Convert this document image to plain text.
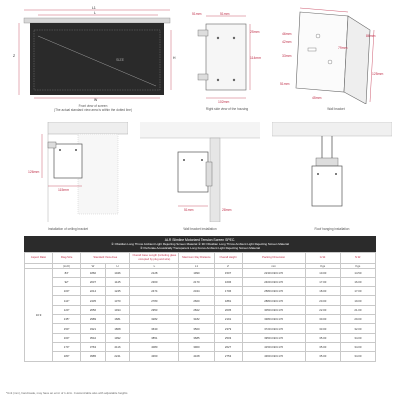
L1
L
Z	H
W
SIZE
Front view of screen
(The actual standard view area is within the dotted line)
51mm	51mm
25mm
114mm
102mm
Right side view of the housing
86mm
46mm
42mm
33mm
79mm
125mm
51mm
45mm
Wall bracket
126mm
115mm
Installation of ceiling bracket
51mm	28mm
Wall bracket installation	Roof hanging installation
ALR Slimline Motorized Tension Screen SPEC.
① Obsidian Long Throw Ambient Light Rejecting Screen Material ② 3D Obsidian Long Throw Ambient Light Rejecting Screen Material
③ Perforate Acoustically Transparent Long Focus Ambient Light Rejecting Screen Material
Aspect Ratio	Diag.Size	Standard View Area		Overall Case Length (including glass occupied by plug and wire)	Maximum Ray Distance	Overall Height	Packing Dimension	G.W.	N.W.
	(inch)	W	H	L	L1	Z	mm	Kgs	Kgs
16:9	84"	1860	1046	2128	1990	1507	2230×190×170	10.00	14.50
	92"	2037	1145	2300	2170	1606	2400×190×170	17.00	16.00
	100"	2214	1245	2474	2344	1706	2580×190×170	18.00	17.00
	110"	2435	1370	2780	2600	1881	2880×190×170	20.00	19.00
	120"	2656	1494	2953	2822	2005	3050×190×170	22.00	21.00
	135"	2989	1681	3282	3182	2191	3380×190×170	30.00	29.00
	150"	3321	1868	3630	3500	2379	3720×190×170	33.00	32.00
	160"	3542	1992	3851	3685	2503	3950×190×170	35.00	34.00
	170"	3763	2116	4080	3900	2627	4150×190×170	35.00	34.00
	180"	3985	2241	4360	4108	2753	4360×190×170	35.00	34.00
*Unit (mm), handmade, may have an error of 1-2cm. Customizable also with adjustable heights
